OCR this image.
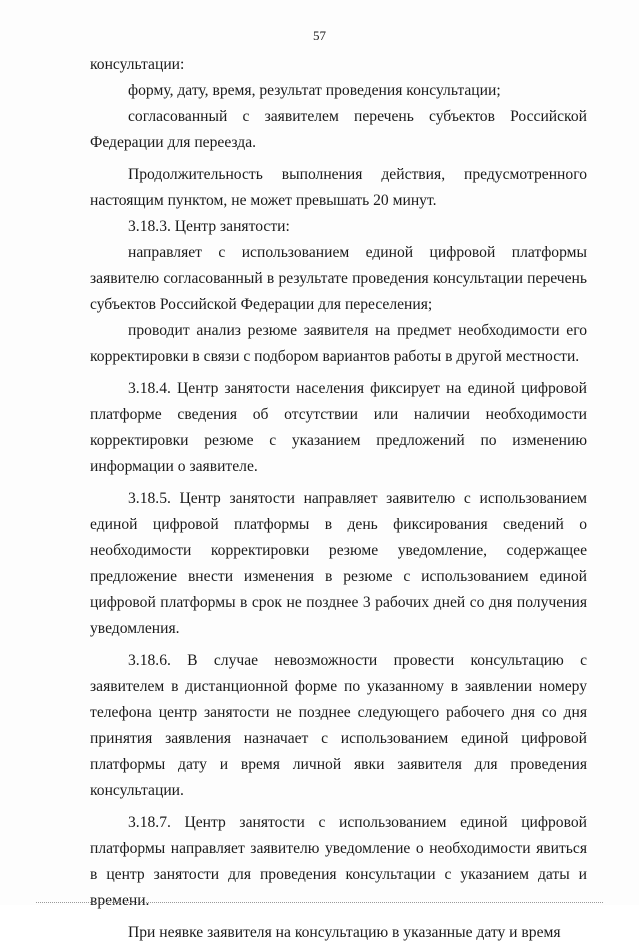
57

консультации:

форму, дату, время, результат проведения консультации;

согласованный с заявителем перечень субъектов Российской Федерации для переезда.

Продолжительность выполнения действия, предусмотренного настоящим пунктом, не может превышать 20 минут.

3.18.3. Центр занятости:

направляет с использованием единой цифровой платформы заявителю согласованный в результате проведения консультации перечень субъектов Российской Федерации для переселения;

проводит анализ резюме заявителя на предмет необходимости его корректировки в связи с подбором вариантов работы в другой местности.

3.18.4. Центр занятости населения фиксирует на единой цифровой платформе сведения об отсутствии или наличии необходимости корректировки резюме с указанием предложений по изменению информации о заявителе.

3.18.5. Центр занятости направляет заявителю с использованием единой цифровой платформы в день фиксирования сведений о необходимости корректировки резюме уведомление, содержащее предложение внести изменения в резюме с использованием единой цифровой платформы в срок не позднее 3 рабочих дней со дня получения уведомления.

3.18.6. В случае невозможности провести консультацию с заявителем в дистанционной форме по указанному в заявлении номеру телефона центр занятости не позднее следующего рабочего дня со дня принятия заявления назначает с использованием единой цифровой платформы дату и время личной явки заявителя для проведения консультации.

3.18.7. Центр занятости с использованием единой цифровой платформы направляет заявителю уведомление о необходимости явиться в центр занятости для проведения консультации с указанием даты и времени.

При неявке заявителя на консультацию в указанные дату и время
